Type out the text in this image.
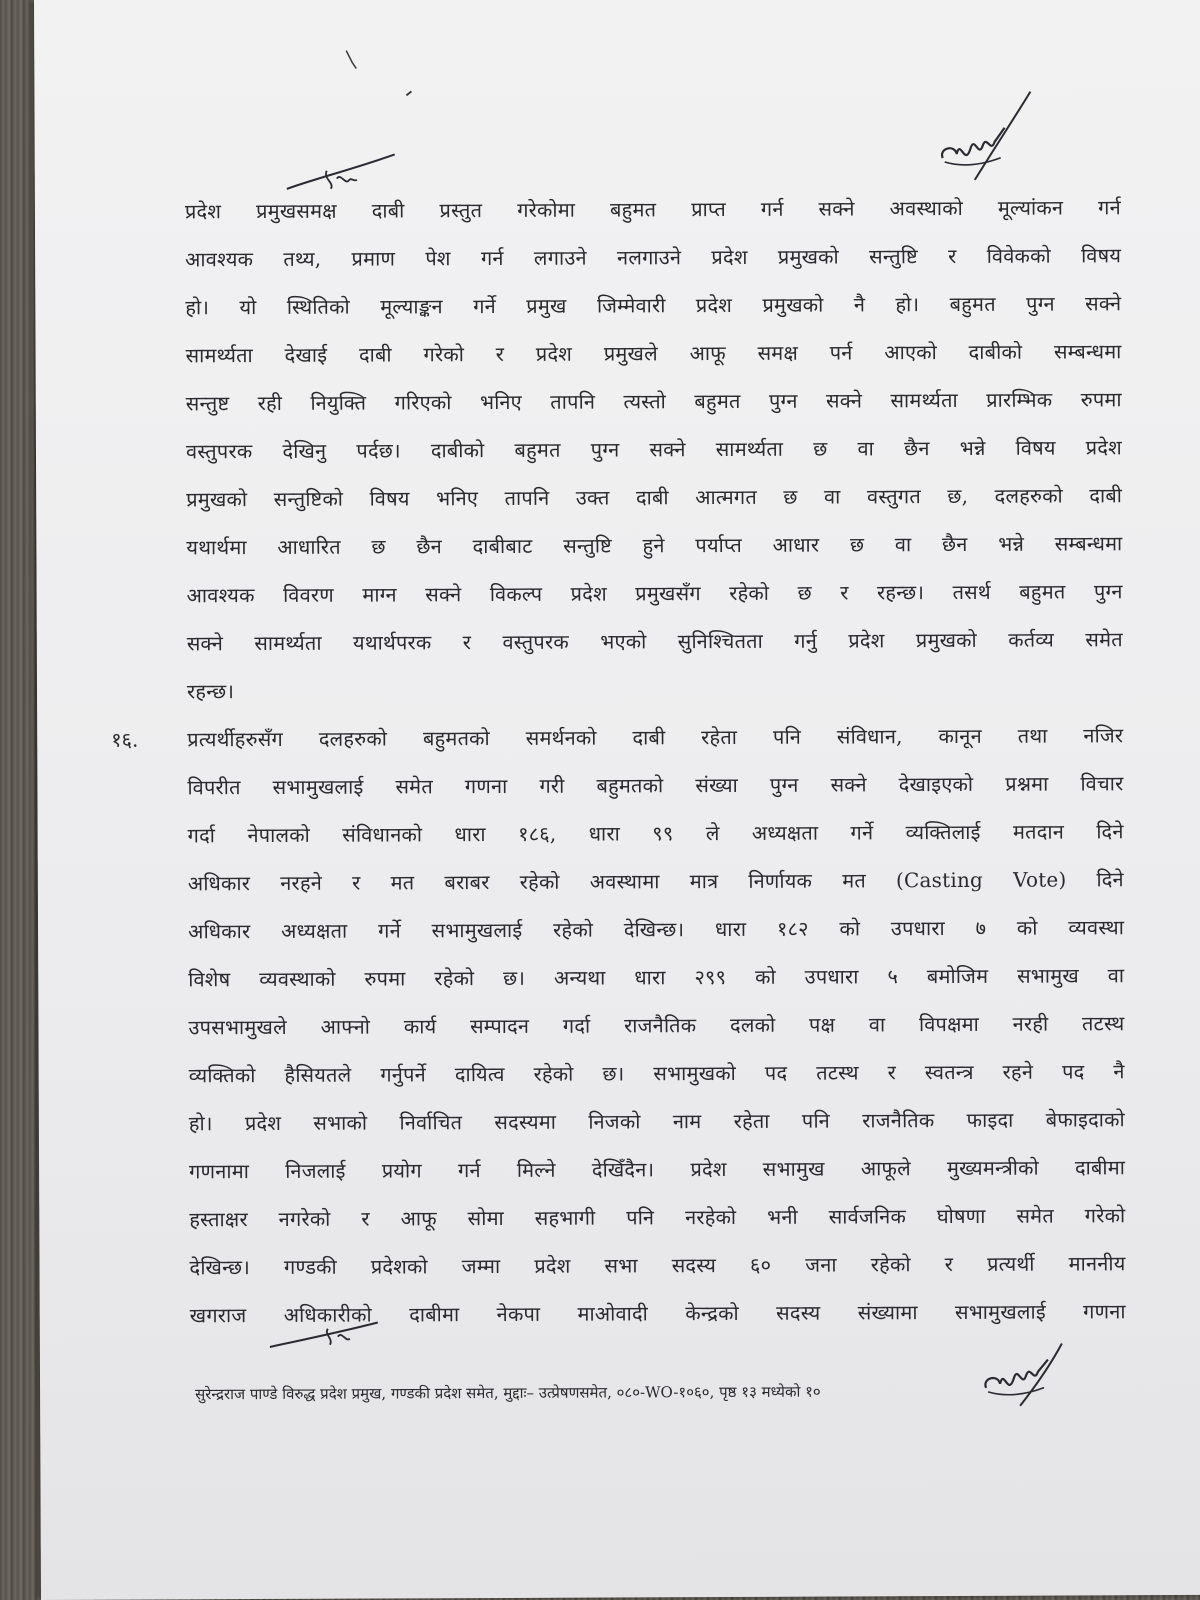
प्रदेश प्रमुखसमक्ष दाबी प्रस्तुत गरेकोमा बहुमत प्राप्त गर्न सक्ने अवस्थाको मूल्यांकन गर्न
आवश्यक तथ्य, प्रमाण पेश गर्न लगाउने नलगाउने प्रदेश प्रमुखको सन्तुष्टि र विवेकको विषय
हो। यो स्थितिको मूल्याङ्कन गर्ने प्रमुख जिम्मेवारी प्रदेश प्रमुखको नै हो। बहुमत पुग्न सक्ने
सामर्थ्यता देखाई दाबी गरेको र प्रदेश प्रमुखले आफू समक्ष पर्न आएको दाबीको सम्बन्धमा
सन्तुष्ट रही नियुक्ति गरिएको भनिए तापनि त्यस्तो बहुमत पुग्न सक्ने सामर्थ्यता प्रारम्भिक रुपमा
वस्तुपरक देखिनु पर्दछ। दाबीको बहुमत पुग्न सक्ने सामर्थ्यता छ वा छैन भन्ने विषय प्रदेश
प्रमुखको सन्तुष्टिको विषय भनिए तापनि उक्त दाबी आत्मगत छ वा वस्तुगत छ, दलहरुको दाबी
यथार्थमा आधारित छ छैन दाबीबाट सन्तुष्टि हुने पर्याप्त आधार छ वा छैन भन्ने सम्बन्धमा
आवश्यक विवरण माग्न सक्ने विकल्प प्रदेश प्रमुखसँग रहेको छ र रहन्छ। तसर्थ बहुमत पुग्न
सक्ने सामर्थ्यता यथार्थपरक र वस्तुपरक भएको सुनिश्चितता गर्नु प्रदेश प्रमुखको कर्तव्य समेत
रहन्छ।
१६.	प्रत्यर्थीहरुसँग दलहरुको बहुमतको समर्थनको दाबी रहेता पनि संविधान, कानून तथा नजिर
विपरीत सभामुखलाई समेत गणना गरी बहुमतको संख्या पुग्न सक्ने देखाइएको प्रश्नमा विचार
गर्दा नेपालको संविधानको धारा १८६, धारा ९९ ले अध्यक्षता गर्ने व्यक्तिलाई मतदान दिने
अधिकार नरहने र मत बराबर रहेको अवस्थामा मात्र निर्णायक मत (Casting Vote) दिने
अधिकार अध्यक्षता गर्ने सभामुखलाई रहेको देखिन्छ। धारा १८२ को उपधारा ७ को व्यवस्था
विशेष व्यवस्थाको रुपमा रहेको छ। अन्यथा धारा २९९ को उपधारा ५ बमोजिम सभामुख वा
उपसभामुखले आफ्नो कार्य सम्पादन गर्दा राजनैतिक दलको पक्ष वा विपक्षमा नरही तटस्थ
व्यक्तिको हैसियतले गर्नुपर्ने दायित्व रहेको छ। सभामुखको पद तटस्थ र स्वतन्त्र रहने पद नै
हो। प्रदेश सभाको निर्वाचित सदस्यमा निजको नाम रहेता पनि राजनैतिक फाइदा बेफाइदाको
गणनामा निजलाई प्रयोग गर्न मिल्ने देखिँदैन। प्रदेश सभामुख आफूले मुख्यमन्त्रीको दाबीमा
हस्ताक्षर नगरेको र आफू सोमा सहभागी पनि नरहेको भनी सार्वजनिक घोषणा समेत गरेको
देखिन्छ। गण्डकी प्रदेशको जम्मा प्रदेश सभा सदस्य ६० जना रहेको र प्रत्यर्थी माननीय
खगराज अधिकारीको दाबीमा नेकपा माओवादी केन्द्रको सदस्य संख्यामा सभामुखलाई गणना
सुरेन्द्रराज पाण्डे विरुद्ध प्रदेश प्रमुख, गण्डकी प्रदेश समेत, मुद्दाः– उत्प्रेषणसमेत, ०८०-WO-१०६०, पृष्ठ १३ मध्येको १०
